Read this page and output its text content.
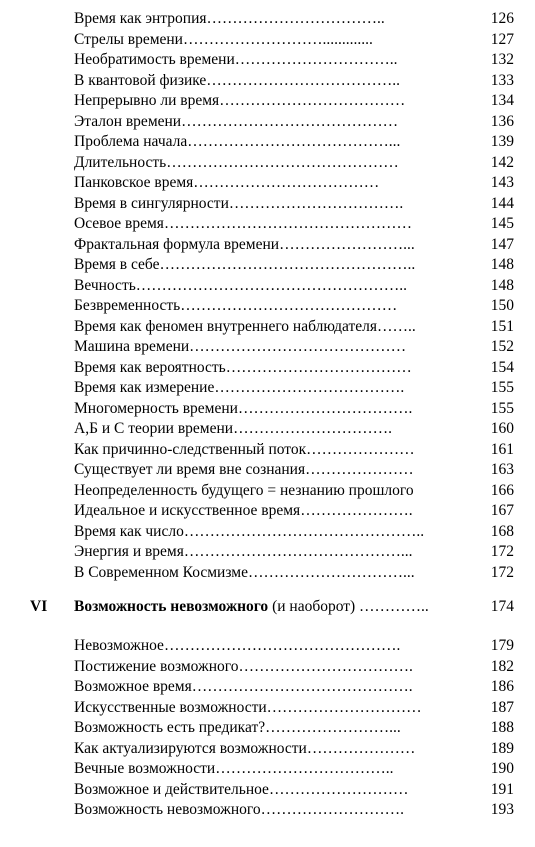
Время как энтропия……………………………..	126
Стрелы времени……………………….............	127
Необратимость времени…………………………..	132
В квантовой физике………………………………..	133
Непрерывно ли время………………………………	134
Эталон времени……………………………………	136
Проблема начала…………………………………...	139
Длительность………………………………………	142
Панковское время………………………………	143
Время в сингулярности…………………………….	144
Осевое время…………………………………………	145
Фрактальная формула времени……………………...	147
Время в себе…………………………………………..	148
Вечность……………………………………………..	148
Безвременность……………………………………	150
Время как феномен внутреннего наблюдателя……..	151
Машина времени……………………………………	152
Время как вероятность………………………………	154
Время как измерение……………………………….	155
Многомерность времени…………………………….	155
А,Б и С теории времени………………………….	160
Как причинно-следственный поток…………………	161
Существует ли время вне сознания…………………	163
Неопределенность будущего = незнанию прошлого	166
Идеальное и искусственное время………………….	167
Время как число………………………………………..	168
Энергия и время……………………………………...	172
В Современном Космизме…………………………...	172
VI Возможность невозможного (и наоборот) …………..	174
Невозможное……………………………………….	179
Постижение возможного…………………………….	182
Возможное время…………………………………….	186
Искусственные возможности…………………………	187
Возможность есть предикат?……………………...	188
Как актуализируются возможности…………………	189
Вечные возможности……………………………..	190
Возможное и действительное………………………	191
Возможность невозможного……………………….	193
